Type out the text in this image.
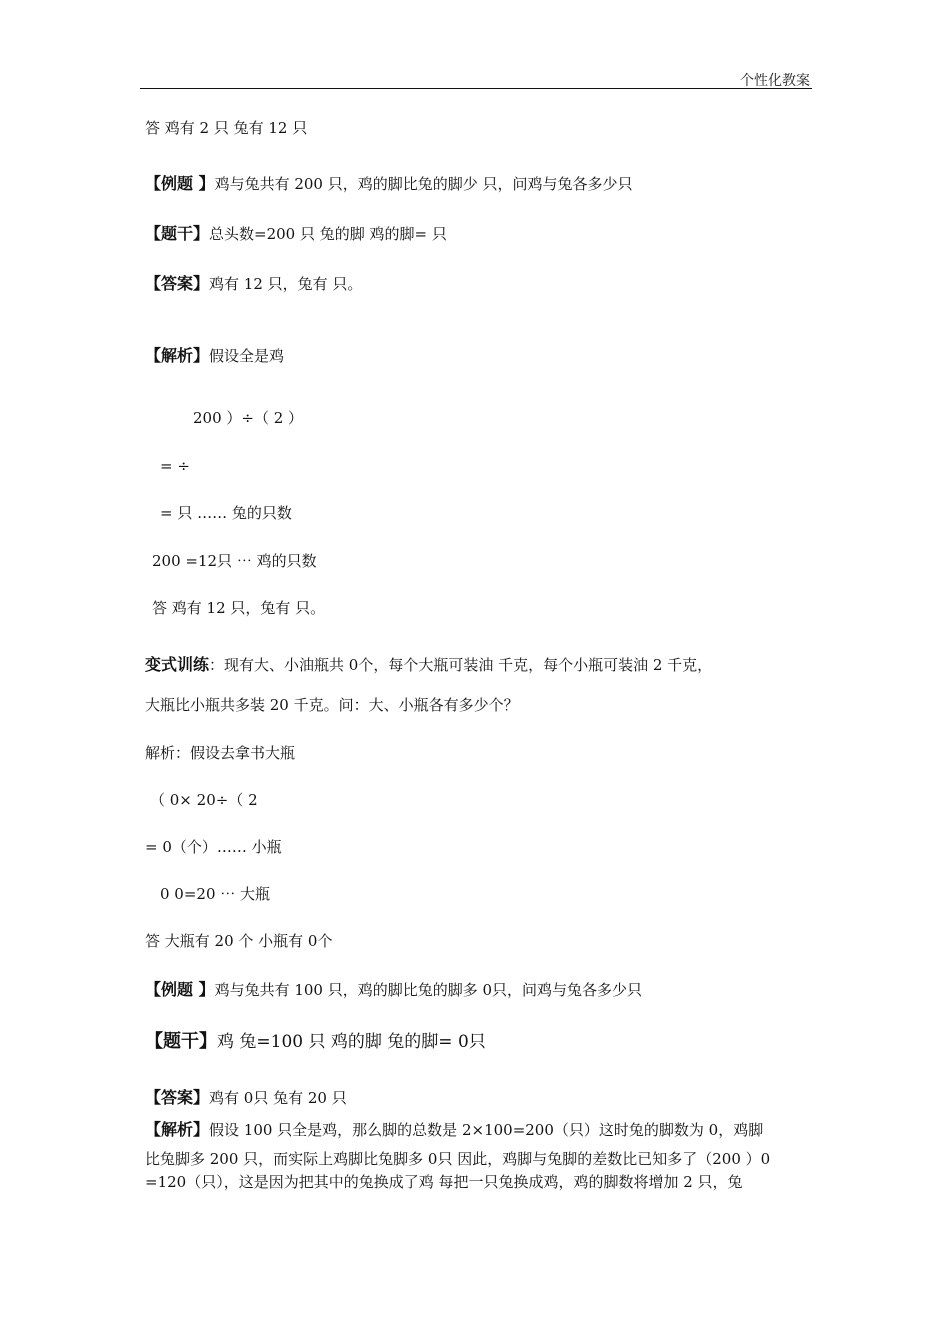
个性化教案
答 鸡有 2 只 兔有 12 只
【例题 】鸡与兔共有 200 只，鸡的脚比兔的脚少 只，问鸡与兔各多少只
【题干】总头数=200 只 兔的脚 鸡的脚= 只
【答案】鸡有 12 只，兔有 只。
【解析】假设全是鸡
200 ）÷（ 2 ）
= ÷
= 只 …… 兔的只数
200 =12只 ⋯ 鸡的只数
答 鸡有 12 只，兔有 只。
变式训练：现有大、小油瓶共 0个，每个大瓶可装油 千克，每个小瓶可装油 2 千克，
大瓶比小瓶共多装 20 千克。问：大、小瓶各有多少个？
解析：假设去拿书大瓶
（ 0× 20÷（ 2
= 0（个）…… 小瓶
0 0=20 ⋯ 大瓶
答 大瓶有 20 个 小瓶有 0个
【例题 】鸡与兔共有 100 只，鸡的脚比兔的脚多 0只，问鸡与兔各多少只
【题干】鸡 兔=100 只 鸡的脚 兔的脚= 0只
【答案】鸡有 0只 兔有 20 只
【解析】假设 100 只全是鸡，那么脚的总数是 2×100=200（只）这时兔的脚数为 0，鸡脚
比兔脚多 200 只，而实际上鸡脚比兔脚多 0只 因此，鸡脚与兔脚的差数比已知多了（200 ）0
=120（只），这是因为把其中的兔换成了鸡 每把一只兔换成鸡，鸡的脚数将增加 2 只，兔
